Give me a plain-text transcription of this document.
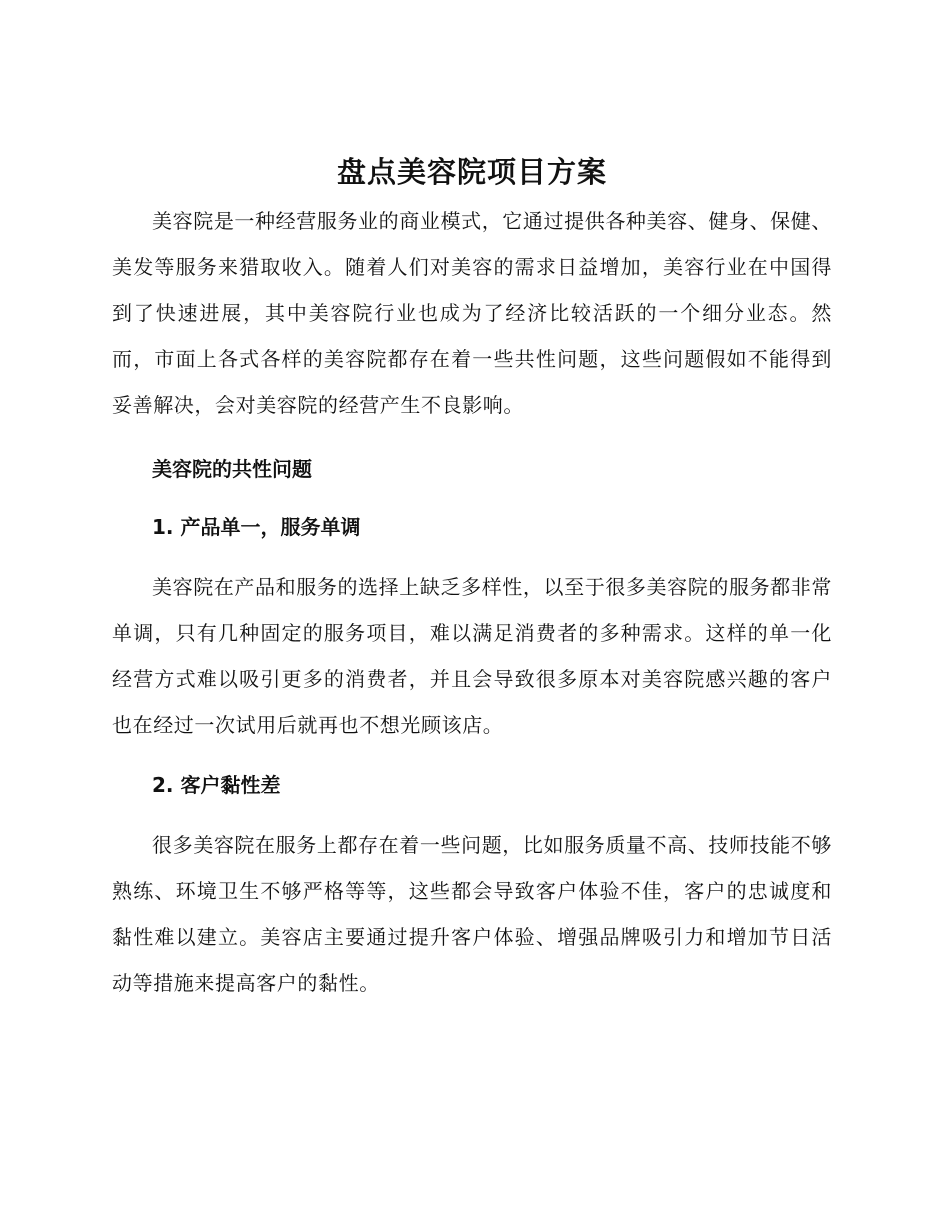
盘点美容院项目方案

美容院是一种经营服务业的商业模式，它通过提供各种美容、健身、保健、美发等服务来猎取收入。随着人们对美容的需求日益增加，美容行业在中国得到了快速进展，其中美容院行业也成为了经济比较活跃的一个细分业态。然而，市面上各式各样的美容院都存在着一些共性问题，这些问题假如不能得到妥善解决，会对美容院的经营产生不良影响。

美容院的共性问题
1. 产品单一，服务单调

美容院在产品和服务的选择上缺乏多样性，以至于很多美容院的服务都非常单调，只有几种固定的服务项目，难以满足消费者的多种需求。这样的单一化经营方式难以吸引更多的消费者，并且会导致很多原本对美容院感兴趣的客户也在经过一次试用后就再也不想光顾该店。

2. 客户黏性差

很多美容院在服务上都存在着一些问题，比如服务质量不高、技师技能不够熟练、环境卫生不够严格等等，这些都会导致客户体验不佳，客户的忠诚度和黏性难以建立。美容店主要通过提升客户体验、增强品牌吸引力和增加节日活动等措施来提高客户的黏性。
